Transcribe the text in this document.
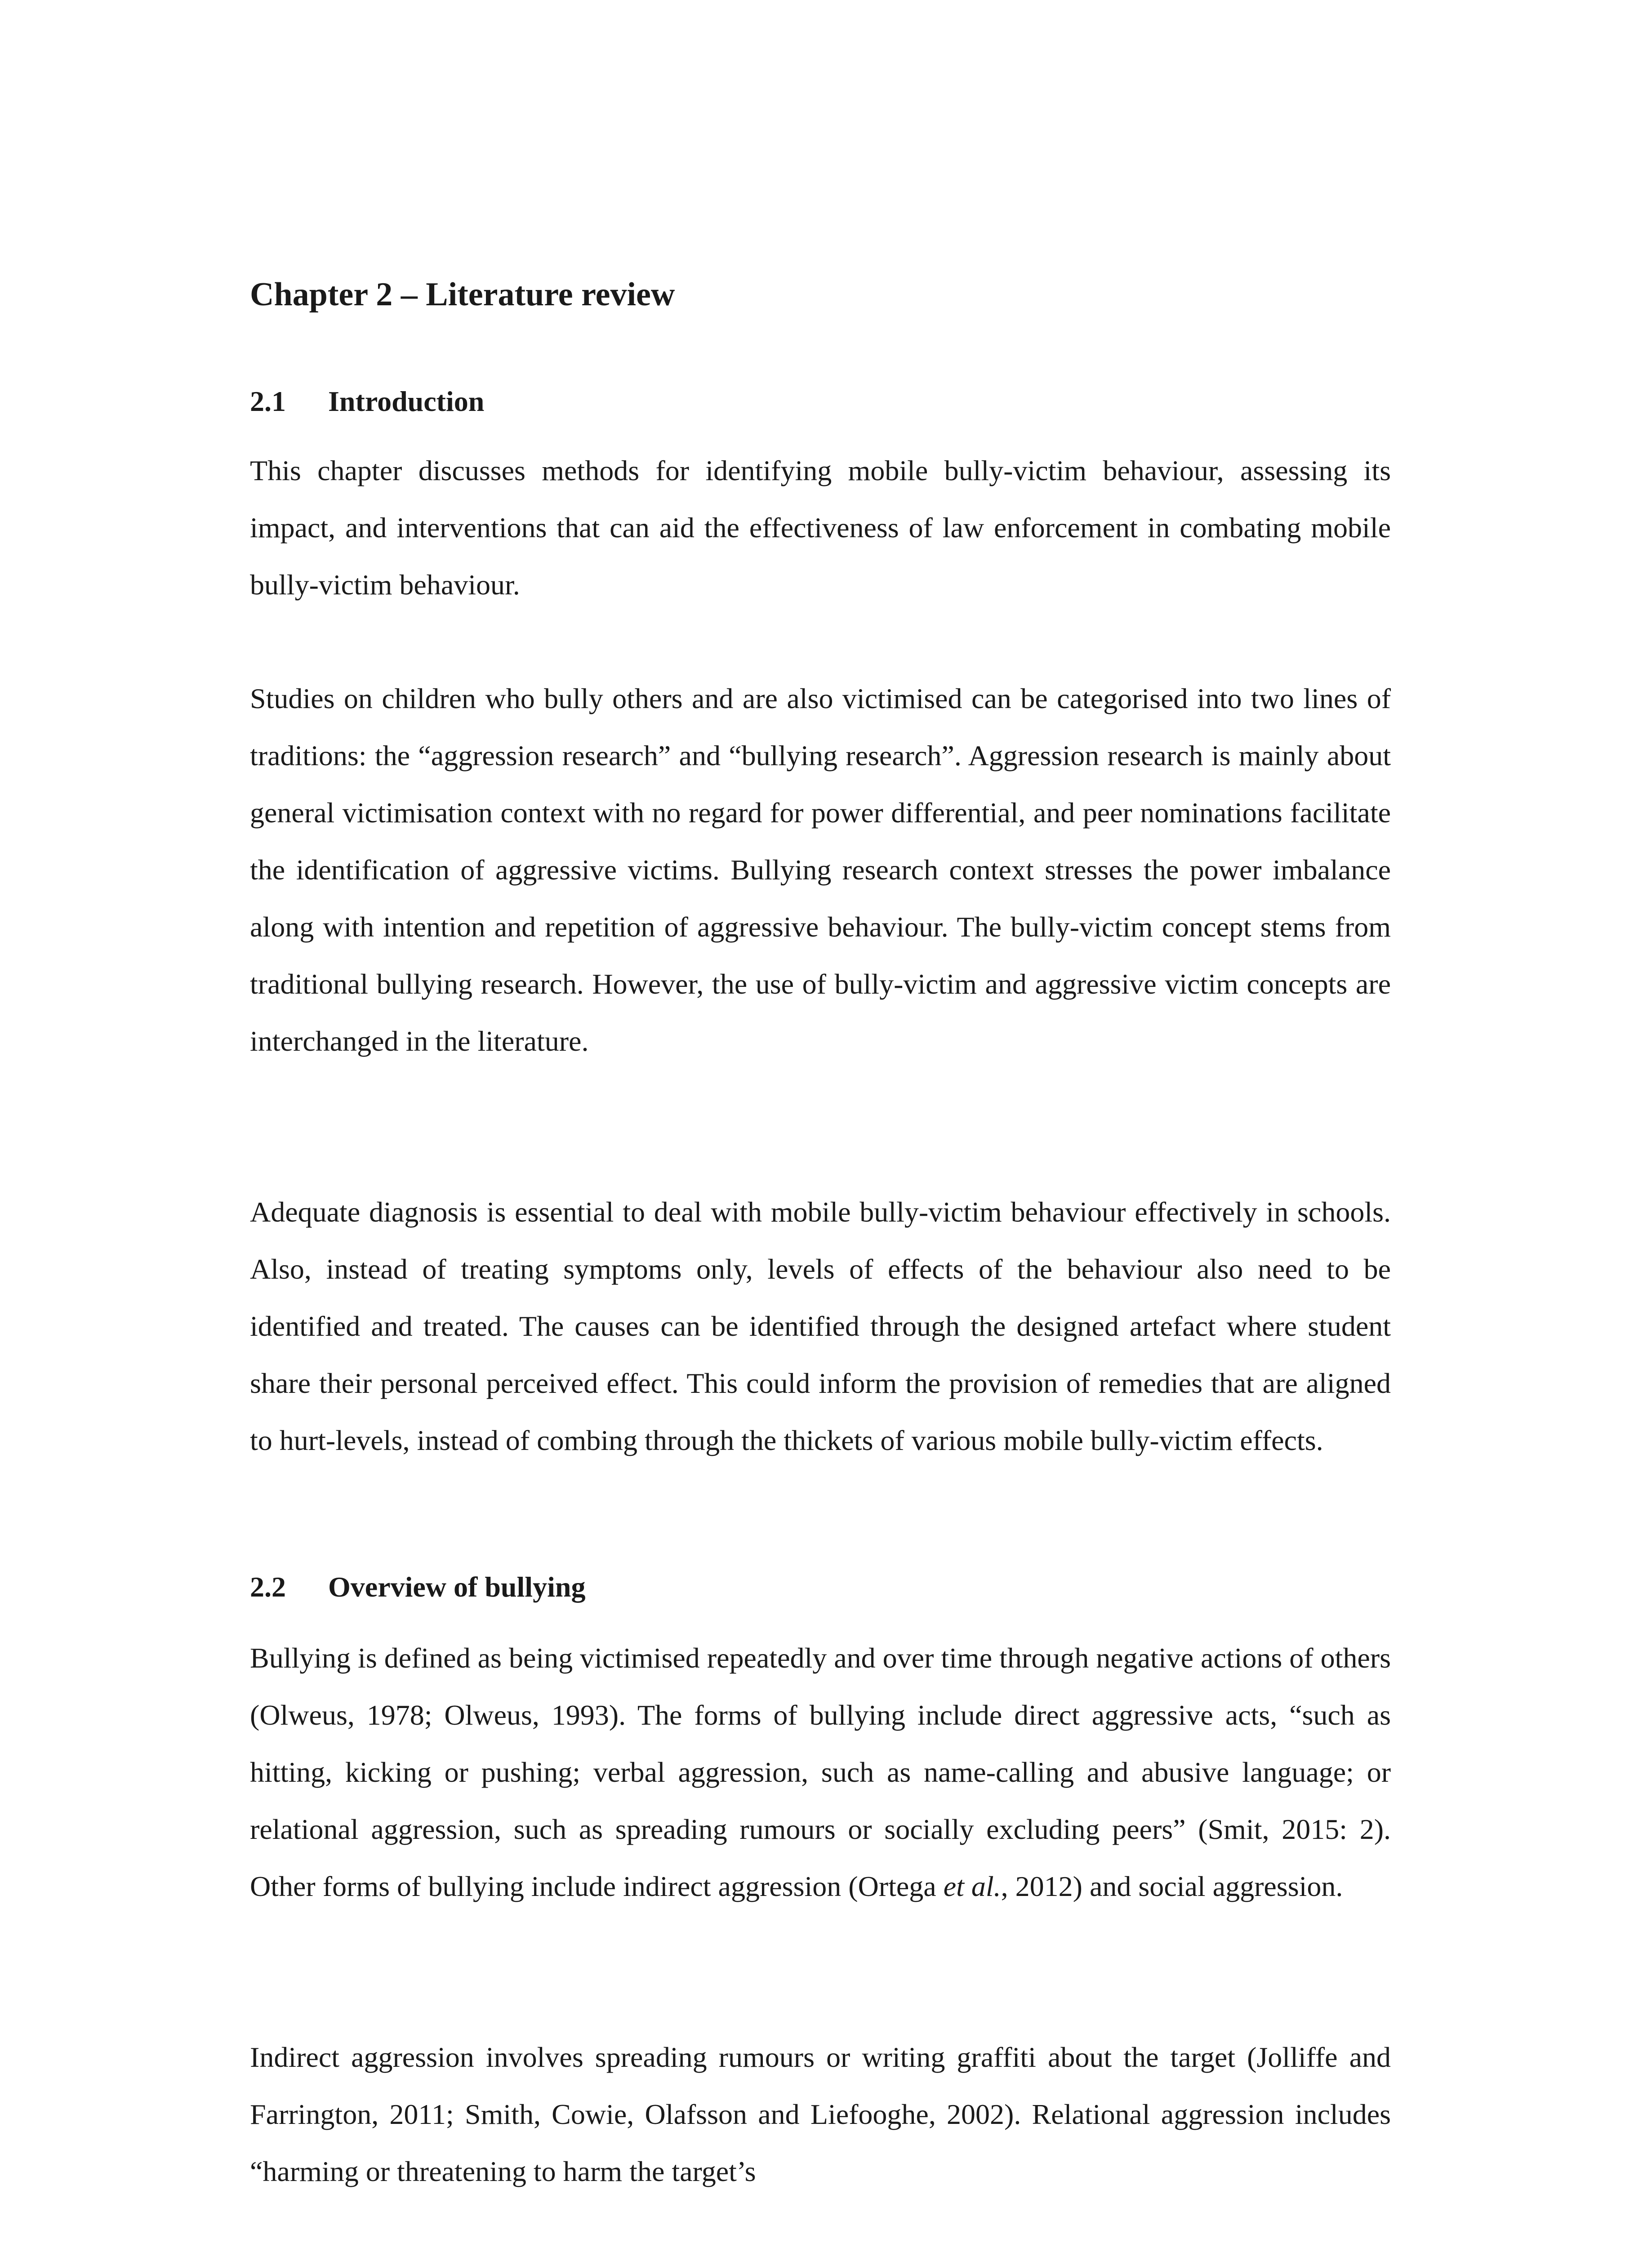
Chapter 2 – Literature review
2.1 Introduction

This chapter discusses methods for identifying mobile bully-victim behaviour, assessing its impact, and interventions that can aid the effectiveness of law enforcement in combating mobile bully-victim behaviour.

Studies on children who bully others and are also victimised can be categorised into two lines of traditions: the “aggression research” and “bullying research”. Aggression research is mainly about general victimisation context with no regard for power differential, and peer nominations facilitate the identification of aggressive victims. Bullying research context stresses the power imbalance along with intention and repetition of aggressive behaviour. The bully-victim concept stems from traditional bullying research. However, the use of bully-victim and aggressive victim concepts are interchanged in the literature.

Adequate diagnosis is essential to deal with mobile bully-victim behaviour effectively in schools. Also, instead of treating symptoms only, levels of effects of the behaviour also need to be identified and treated. The causes can be identified through the designed artefact where student share their personal perceived effect. This could inform the provision of remedies that are aligned to hurt-levels, instead of combing through the thickets of various mobile bully-victim effects.

2.2 Overview of bullying

Bullying is defined as being victimised repeatedly and over time through negative actions of others (Olweus, 1978; Olweus, 1993). The forms of bullying include direct aggressive acts, “such as hitting, kicking or pushing; verbal aggression, such as name-calling and abusive language; or relational aggression, such as spreading rumours or socially excluding peers” (Smit, 2015: 2). Other forms of bullying include indirect aggression (Ortega et al., 2012) and social aggression.

Indirect aggression involves spreading rumours or writing graffiti about the target (Jolliffe and Farrington, 2011; Smith, Cowie, Olafsson and Liefooghe, 2002). Relational aggression includes “harming or threatening to harm the target’s
